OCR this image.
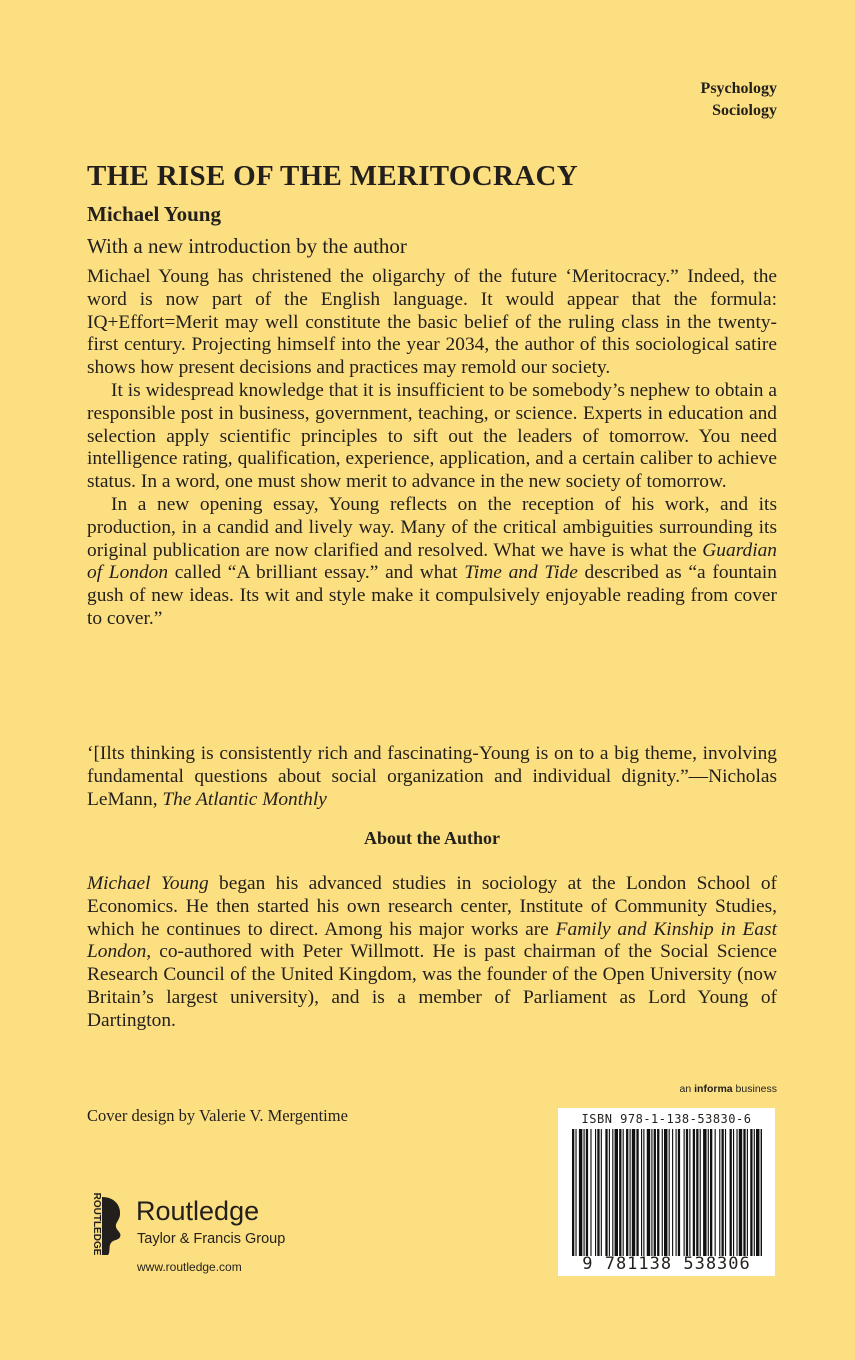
Psychology
Sociology
THE RISE OF THE MERITOCRACY
Michael Young
With a new introduction by the author

Michael Young has christened the oligarchy of the future ‘Meritocracy.” Indeed, the word is now part of the English language. It would appear that the formula: IQ+Effort=Merit may well constitute the basic belief of the ruling class in the twenty-first century. Projecting himself into the year 2034, the author of this sociological satire shows how present decisions and practices may remold our society.

It is widespread knowledge that it is insufficient to be somebody’s nephew to obtain a responsible post in business, government, teaching, or science. Experts in education and selection apply scientific principles to sift out the leaders of tomorrow. You need intelligence rating, qualification, experience, application, and a certain caliber to achieve status. In a word, one must show merit to advance in the new society of tomorrow.

In a new opening essay, Young reflects on the reception of his work, and its production, in a candid and lively way. Many of the critical ambiguities surrounding its original publication are now clarified and resolved. What we have is what the Guardian of London called “A brilliant essay.” and what Time and Tide described as “a fountain gush of new ideas. Its wit and style make it compulsively enjoyable reading from cover to cover.”

‘[Ilts thinking is consistently rich and fascinating-Young is on to a big theme, involving fundamental questions about social organization and individual dignity.”—Nicholas LeMann, The Atlantic Monthly
About the Author
Michael Young began his advanced studies in sociology at the London School of Economics. He then started his own research center, Institute of Community Studies, which he continues to direct. Among his major works are Family and Kinship in East London, co-authored with Peter Willmott. He is past chairman of the Social Science Research Council of the United Kingdom, was the founder of the Open University (now Britain’s largest university), and is a member of Parliament as Lord Young of Dartington.
an informa business
Cover design by Valerie V. Mergentime
ROUTLEDGE Routledge
Taylor & Francis Group
www.routledge.com
ISBN 978-1-138-53830-6
9 781138 538306
